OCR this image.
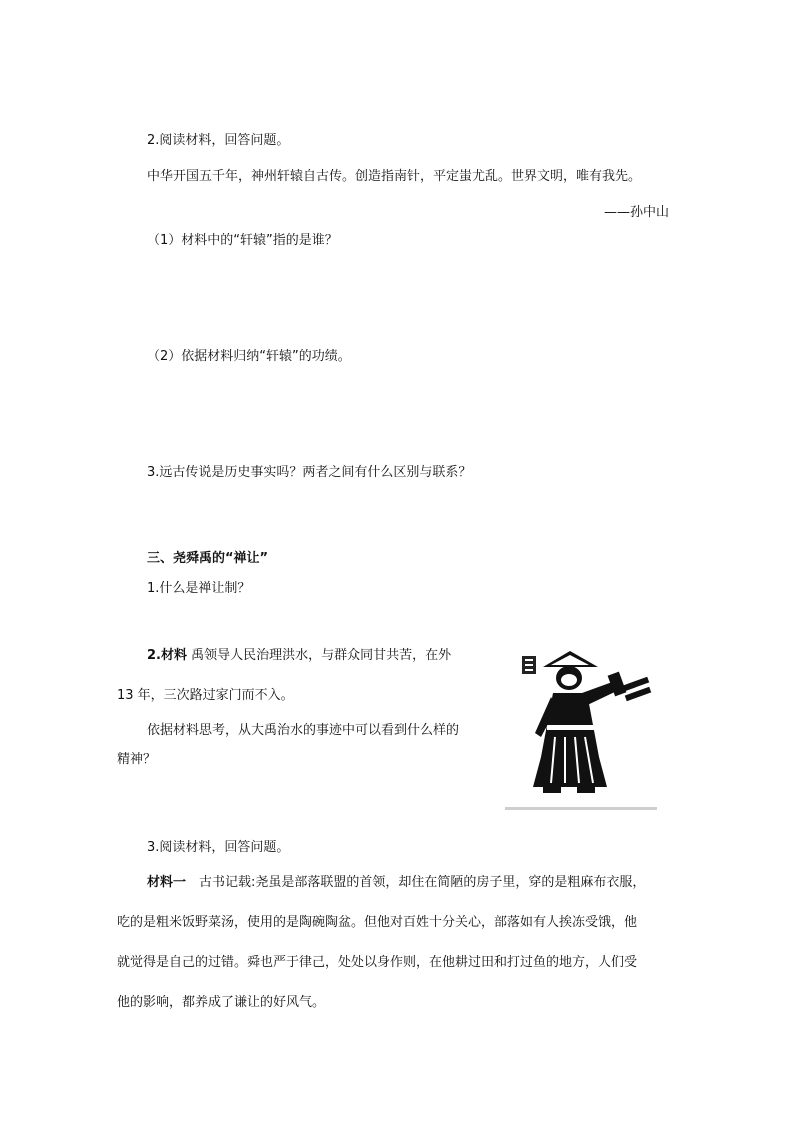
2.阅读材料，回答问题。
中华开国五千年，神州轩辕自古传。创造指南针，平定蚩尤乱。世界文明，唯有我先。
——孙中山
（1）材料中的“轩辕”指的是谁？
（2）依据材料归纳“轩辕”的功绩。
3.远古传说是历史事实吗？两者之间有什么区别与联系？
三、尧舜禹的“禅让”
1.什么是禅让制？
2.材料 禹领导人民治理洪水，与群众同甘共苦，在外
13 年，三次路过家门而不入。
依据材料思考，从大禹治水的事迹中可以看到什么样的
精神？
3.阅读材料，回答问题。
材料一　古书记载:尧虽是部落联盟的首领，却住在简陋的房子里，穿的是粗麻布衣服，
吃的是粗米饭野菜汤，使用的是陶碗陶盆。但他对百姓十分关心，部落如有人挨冻受饿，他
就觉得是自己的过错。舜也严于律己，处处以身作则，在他耕过田和打过鱼的地方，人们受
他的影响，都养成了谦让的好风气。
